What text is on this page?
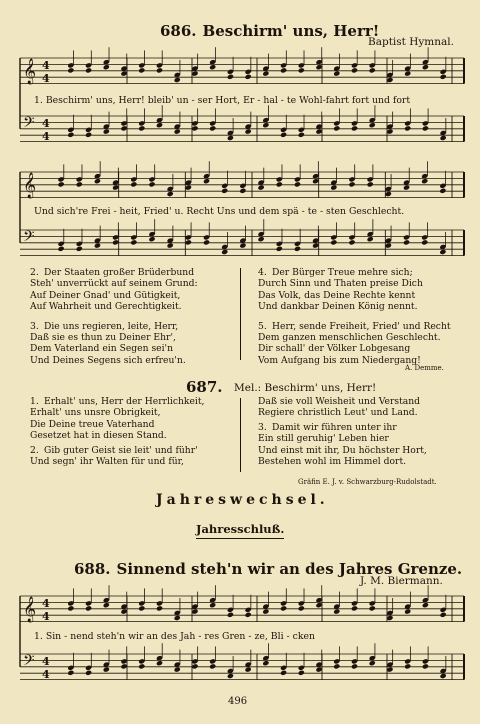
686. Beschirm' uns, Herr!
Baptist Hymnal.
𝄞 4
4
𝄢 4
4
1. Beschirm' uns, Herr! bleib' un - ser Hort, Er - hal - te Wohl-fahrt fort und fort
𝄞
𝄢
Und sich're Frei - heit, Fried' u. Recht Uns und dem spä - te - sten Geschlecht.
2. Der Staaten großer Brüderbund
Steh' unverrückt auf seinem Grund:
Auf Deiner Gnad' und Gütigkeit,
Auf Wahrheit und Gerechtigkeit.
3. Die uns regieren, leite, Herr,
Daß sie es thun zu Deiner Ehr',
Dem Vaterland ein Segen sei'n
Und Deines Segens sich erfreu'n.
4. Der Bürger Treue mehre sich;
Durch Sinn und Thaten preise Dich
Das Volk, das Deine Rechte kennt
Und dankbar Deinen König nennt.
5. Herr, sende Freiheit, Fried' und Recht
Dem ganzen menschlichen Geschlecht.
Dir schall' der Völker Lobgesang
Vom Aufgang bis zum Niedergang!
A. Demme.
687. Mel.: Beschirm' uns, Herr!
1. Erhalt' uns, Herr der Herrlichkeit,
Erhalt' uns unsre Obrigkeit,
Die Deine treue Vaterhand
Gesetzet hat in diesen Stand.
2. Gib guter Geist sie leit' und führ'
Und segn' ihr Walten für und für,
Daß sie voll Weisheit und Verstand
Regiere christlich Leut' und Land.
3. Damit wir führen unter ihr
Ein still geruhig' Leben hier
Und einst mit ihr, Du höchster Hort,
Bestehen wohl im Himmel dort.
Gräfin E. J. v. Schwarzburg-Rudolstadt.
Jahreswechsel.
Jahresschluß.
688. Sinnend steh'n wir an des Jahres Grenze.
J. M. Biermann.
𝄞 4
4
𝄢 4
4
1. Sin - nend steh'n wir an des Jah - res Gren - ze, Bli - cken
496
